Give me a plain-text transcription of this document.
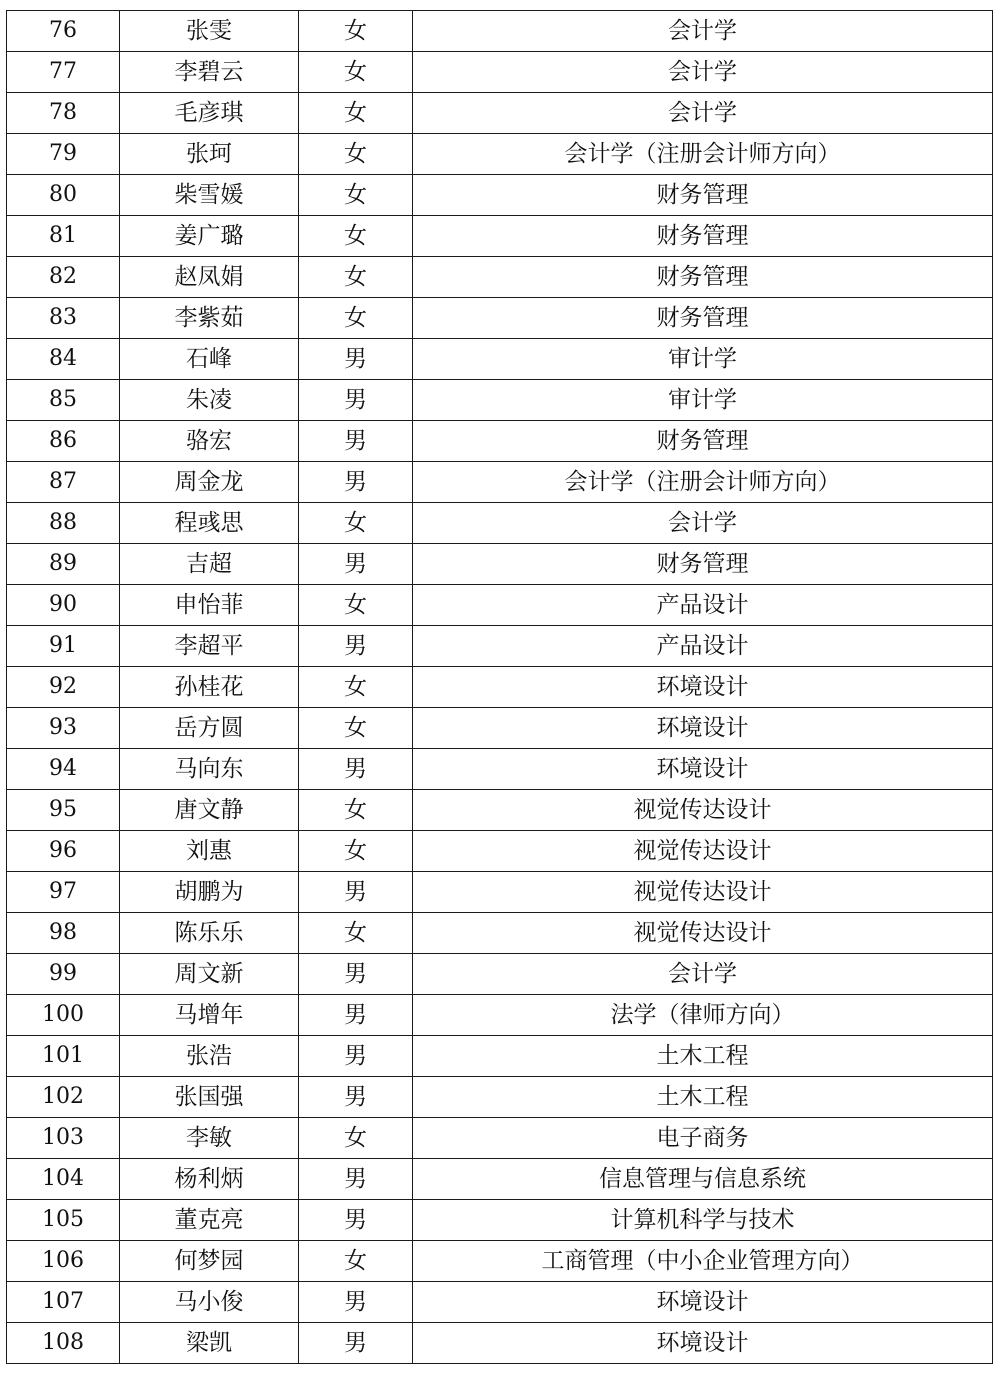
76	张雯	女	会计学
77	李碧云	女	会计学
78	毛彦琪	女	会计学
79	张珂	女	会计学（注册会计师方向）
80	柴雪媛	女	财务管理
81	姜广璐	女	财务管理
82	赵凤娟	女	财务管理
83	李紫茹	女	财务管理
84	石峰	男	审计学
85	朱凌	男	审计学
86	骆宏	男	财务管理
87	周金龙	男	会计学（注册会计师方向）
88	程彧思	女	会计学
89	吉超	男	财务管理
90	申怡菲	女	产品设计
91	李超平	男	产品设计
92	孙桂花	女	环境设计
93	岳方圆	女	环境设计
94	马向东	男	环境设计
95	唐文静	女	视觉传达设计
96	刘惠	女	视觉传达设计
97	胡鹏为	男	视觉传达设计
98	陈乐乐	女	视觉传达设计
99	周文新	男	会计学
100	马增年	男	法学（律师方向）
101	张浩	男	土木工程
102	张国强	男	土木工程
103	李敏	女	电子商务
104	杨利炳	男	信息管理与信息系统
105	董克亮	男	计算机科学与技术
106	何梦园	女	工商管理（中小企业管理方向）
107	马小俊	男	环境设计
108	梁凯	男	环境设计
